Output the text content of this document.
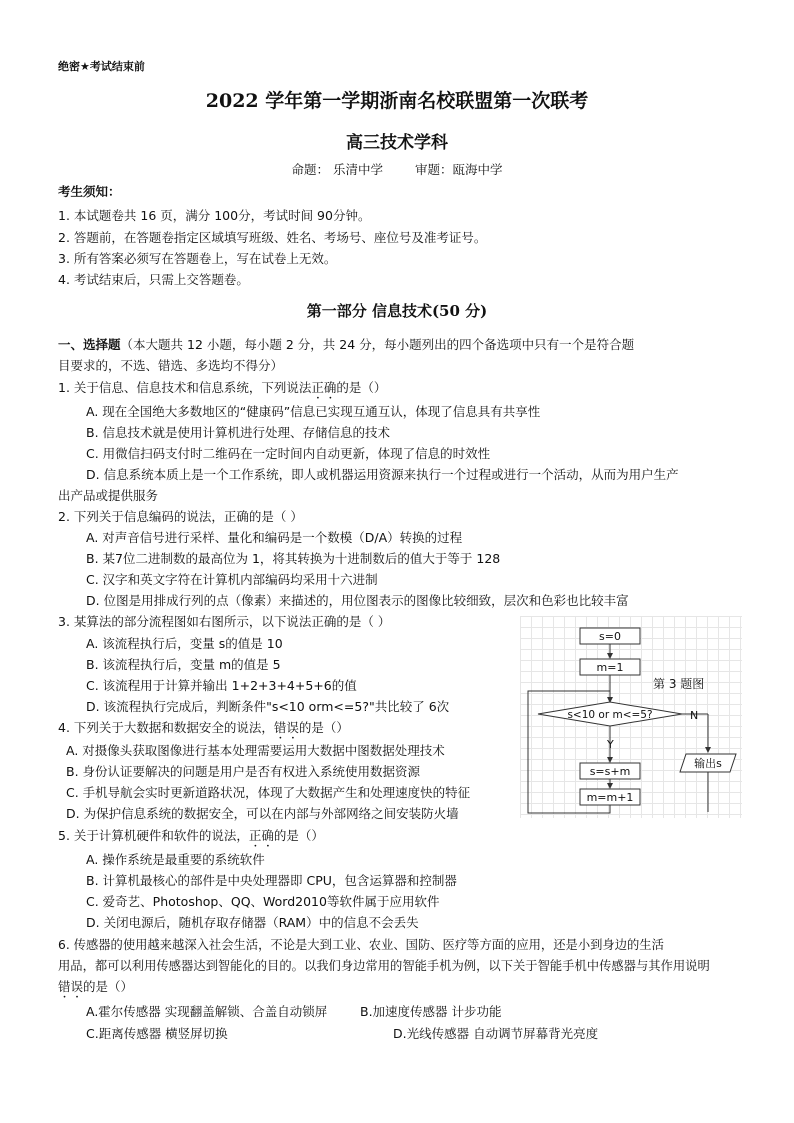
绝密★考试结束前
2022 学年第一学期浙南名校联盟第一次联考
高三技术学科
命题： 乐清中学	审题：瓯海中学
考生须知：
1. 本试题卷共 16 页，满分 100分，考试时间 90分钟。
2. 答题前，在答题卷指定区域填写班级、姓名、考场号、座位号及准考证号。
3. 所有答案必须写在答题卷上，写在试卷上无效。
4. 考试结束后，只需上交答题卷。
第一部分 信息技术(50 分)
一、选择题（本大题共 12 小题，每小题 2 分，共 24 分，每小题列出的四个备选项中只有一个是符合题
目要求的，不选、错选、多选均不得分）
1. 关于信息、信息技术和信息系统，下列说法正确的是（）
A. 现在全国绝大多数地区的“健康码”信息已实现互通互认，体现了信息具有共享性
B. 信息技术就是使用计算机进行处理、存储信息的技术
C. 用微信扫码支付时二维码在一定时间内自动更新，体现了信息的时效性
D. 信息系统本质上是一个工作系统，即人或机器运用资源来执行一个过程或进行一个活动，从而为用户生产
出产品或提供服务
2. 下列关于信息编码的说法，正确的是（ ）
A. 对声音信号进行采样、量化和编码是一个数模（D/A）转换的过程
B. 某7位二进制数的最高位为 1，将其转换为十进制数后的值大于等于 128
C. 汉字和英文字符在计算机内部编码均采用十六进制
D. 位图是用排成行列的点（像素）来描述的，用位图表示的图像比较细致，层次和色彩也比较丰富
3. 某算法的部分流程图如右图所示，以下说法正确的是（ ）
A. 该流程执行后，变量 s的值是 10
B. 该流程执行后，变量 m的值是 5
C. 该流程用于计算并输出 1+2+3+4+5+6的值
D. 该流程执行完成后，判断条件"s<10 orm<=5?"共比较了 6次
4. 下列关于大数据和数据安全的说法，错误的是（）
A. 对摄像头获取图像进行基本处理需要运用大数据中图数据处理技术
B. 身份认证要解决的问题是用户是否有权进入系统使用数据资源
C. 手机导航会实时更新道路状况，体现了大数据产生和处理速度快的特征
D. 为保护信息系统的数据安全，可以在内部与外部网络之间安装防火墙
5. 关于计算机硬件和软件的说法，正确的是（）
A. 操作系统是最重要的系统软件
B. 计算机最核心的部件是中央处理器即 CPU，包含运算器和控制器
C. 爱奇艺、Photoshop、QQ、Word2010等软件属于应用软件
D. 关闭电源后，随机存取存储器（RAM）中的信息不会丢失
6. 传感器的使用越来越深入社会生活，不论是大到工业、农业、国防、医疗等方面的应用，还是小到身边的生活
用品，都可以利用传感器达到智能化的目的。以我们身边常用的智能手机为例，以下关于智能手机中传感器与其作用说明
错误的是（）
A.霍尔传感器 实现翻盖解锁、合盖自动锁屏	B.加速度传感器 计步功能
C.距离传感器 横竖屏切换	D.光线传感器 自动调节屏幕背光亮度
s=0
m=1
第 3 题图
s<10 or m<=5?	N
输出s
Y
s=s+m
m=m+1
